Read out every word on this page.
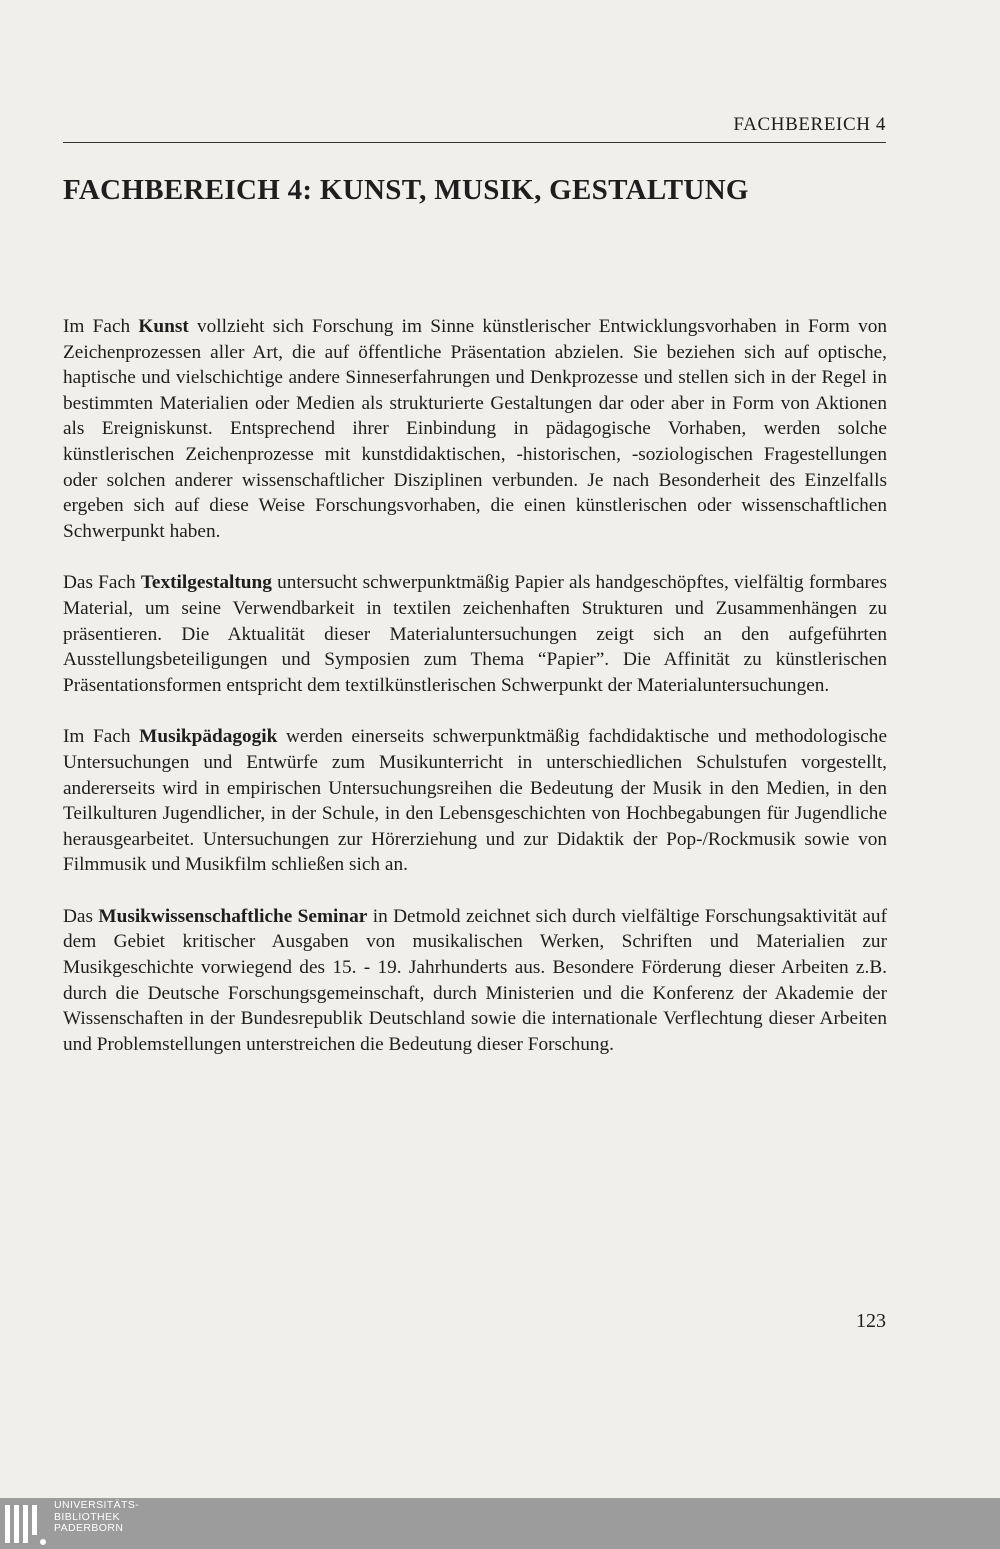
FACHBEREICH 4
FACHBEREICH 4: KUNST, MUSIK, GESTALTUNG

Im Fach Kunst vollzieht sich Forschung im Sinne künstlerischer Entwicklungsvorhaben in Form von Zeichenprozessen aller Art, die auf öffentliche Präsentation abzielen. Sie beziehen sich auf optische, haptische und vielschichtige andere Sinneserfahrungen und Denkprozesse und stellen sich in der Regel in bestimmten Materialien oder Medien als strukturierte Gestaltungen dar oder aber in Form von Aktionen als Ereigniskunst. Entsprechend ihrer Einbindung in pädagogische Vorhaben, werden solche künstlerischen Zeichenprozesse mit kunstdidaktischen, -historischen, -soziologischen Fragestellungen oder solchen anderer wissenschaftlicher Disziplinen verbunden. Je nach Besonderheit des Einzelfalls ergeben sich auf diese Weise Forschungsvorhaben, die einen künstlerischen oder wissenschaftlichen Schwerpunkt haben.

Das Fach Textilgestaltung untersucht schwerpunktmäßig Papier als handgeschöpftes, vielfältig formbares Material, um seine Verwendbarkeit in textilen zeichenhaften Strukturen und Zusammenhängen zu präsentieren. Die Aktualität dieser Materialuntersuchungen zeigt sich an den aufgeführten Ausstellungsbeteiligungen und Symposien zum Thema “Papier”. Die Affinität zu künstlerischen Präsentationsformen entspricht dem textilkünstlerischen Schwerpunkt der Materialuntersuchungen.

Im Fach Musikpädagogik werden einerseits schwerpunktmäßig fachdidaktische und methodologische Untersuchungen und Entwürfe zum Musikunterricht in unterschiedlichen Schulstufen vorgestellt, andererseits wird in empirischen Untersuchungsreihen die Bedeutung der Musik in den Medien, in den Teilkulturen Jugendlicher, in der Schule, in den Lebensgeschichten von Hochbegabungen für Jugendliche herausgearbeitet. Untersuchungen zur Hörerziehung und zur Didaktik der Pop-/Rockmusik sowie von Filmmusik und Musikfilm schließen sich an.

Das Musikwissenschaftliche Seminar in Detmold zeichnet sich durch vielfältige Forschungsaktivität auf dem Gebiet kritischer Ausgaben von musikalischen Werken, Schriften und Materialien zur Musikgeschichte vorwiegend des 15. - 19. Jahrhunderts aus. Besondere Förderung dieser Arbeiten z.B. durch die Deutsche Forschungsgemeinschaft, durch Ministerien und die Konferenz der Akademie der Wissenschaften in der Bundesrepublik Deutschland sowie die internationale Verflechtung dieser Arbeiten und Problemstellungen unterstreichen die Bedeutung dieser Forschung.

123
UNIVERSITÄTS-
BIBLIOTHEK
PADERBORN
